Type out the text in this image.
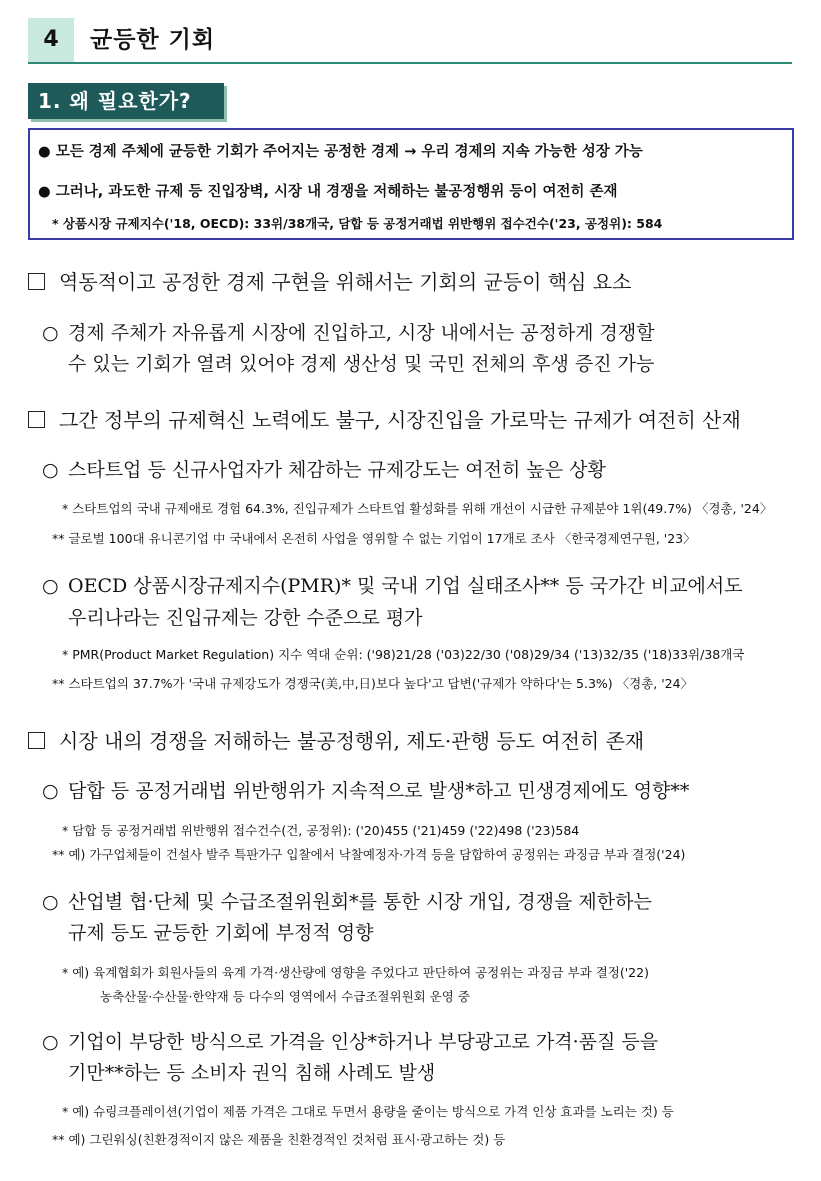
4	균등한 기회
1. 왜 필요한가?
● 모든 경제 주체에 균등한 기회가 주어지는 공정한 경제 → 우리 경제의 지속 가능한 성장 가능
● 그러나, 과도한 규제 등 진입장벽, 시장 내 경쟁을 저해하는 불공정행위 등이 여전히 존재
* 상품시장 규제지수('18, OECD): 33위/38개국, 담합 등 공정거래법 위반행위 접수건수('23, 공정위): 584
역동적이고 공정한 경제 구현을 위해서는 기회의 균등이 핵심 요소
○ 경제 주체가 자유롭게 시장에 진입하고, 시장 내에서는 공정하게 경쟁할
수 있는 기회가 열려 있어야 경제 생산성 및 국민 전체의 후생 증진 가능
그간 정부의 규제혁신 노력에도 불구, 시장진입을 가로막는 규제가 여전히 산재
○ 스타트업 등 신규사업자가 체감하는 규제강도는 여전히 높은 상황
* 스타트업의 국내 규제애로 경험 64.3%, 진입규제가 스타트업 활성화를 위해 개선이 시급한 규제분야 1위(49.7%) 〈경총, '24〉
** 글로벌 100대 유니콘기업 中 국내에서 온전히 사업을 영위할 수 없는 기업이 17개로 조사 〈한국경제연구원, '23〉
○ OECD 상품시장규제지수(PMR)* 및 국내 기업 실태조사** 등 국가간 비교에서도
우리나라는 진입규제는 강한 수준으로 평가
* PMR(Product Market Regulation) 지수 역대 순위: ('98)21/28 ('03)22/30 ('08)29/34 ('13)32/35 ('18)33위/38개국
** 스타트업의 37.7%가 '국내 규제강도가 경쟁국(美,中,日)보다 높다'고 답변('규제가 약하다'는 5.3%) 〈경총, '24〉
시장 내의 경쟁을 저해하는 불공정행위, 제도·관행 등도 여전히 존재
○ 담합 등 공정거래법 위반행위가 지속적으로 발생*하고 민생경제에도 영향**
* 담합 등 공정거래법 위반행위 접수건수(건, 공정위): ('20)455 ('21)459 ('22)498 ('23)584
** 예) 가구업체들이 건설사 발주 특판가구 입찰에서 낙찰예정자·가격 등을 담합하여 공정위는 과징금 부과 결정('24)
○ 산업별 협·단체 및 수급조절위원회*를 통한 시장 개입, 경쟁을 제한하는
규제 등도 균등한 기회에 부정적 영향
* 예) 육계협회가 회원사들의 육계 가격·생산량에 영향을 주었다고 판단하여 공정위는 과징금 부과 결정('22)
농축산물·수산물·한약재 등 다수의 영역에서 수급조절위원회 운영 중
○ 기업이 부당한 방식으로 가격을 인상*하거나 부당광고로 가격·품질 등을
기만**하는 등 소비자 권익 침해 사례도 발생
* 예) 슈링크플레이션(기업이 제품 가격은 그대로 두면서 용량을 줄이는 방식으로 가격 인상 효과를 노리는 것) 등
** 예) 그린워싱(친환경적이지 않은 제품을 친환경적인 것처럼 표시·광고하는 것) 등
